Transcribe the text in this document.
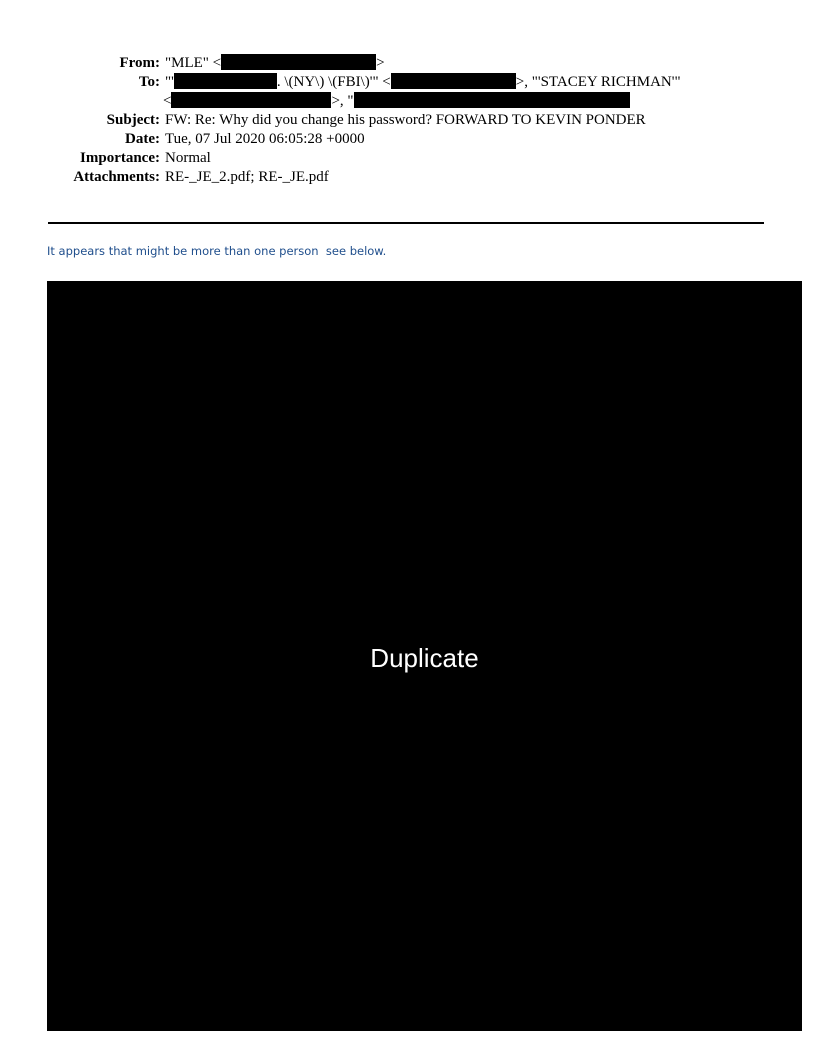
From: "MLE" <	>
To: "'	. \(NY\) \(FBI\)'" <	>, "'STACEY RICHMAN'"
<	>, "
Subject: FW: Re: Why did you change his password? FORWARD TO KEVIN PONDER
Date: Tue, 07 Jul 2020 06:05:28 +0000
Importance: Normal
Attachments: RE-_JE_2.pdf; RE-_JE.pdf
It appears that might be more than one person  see below.
Duplicate
